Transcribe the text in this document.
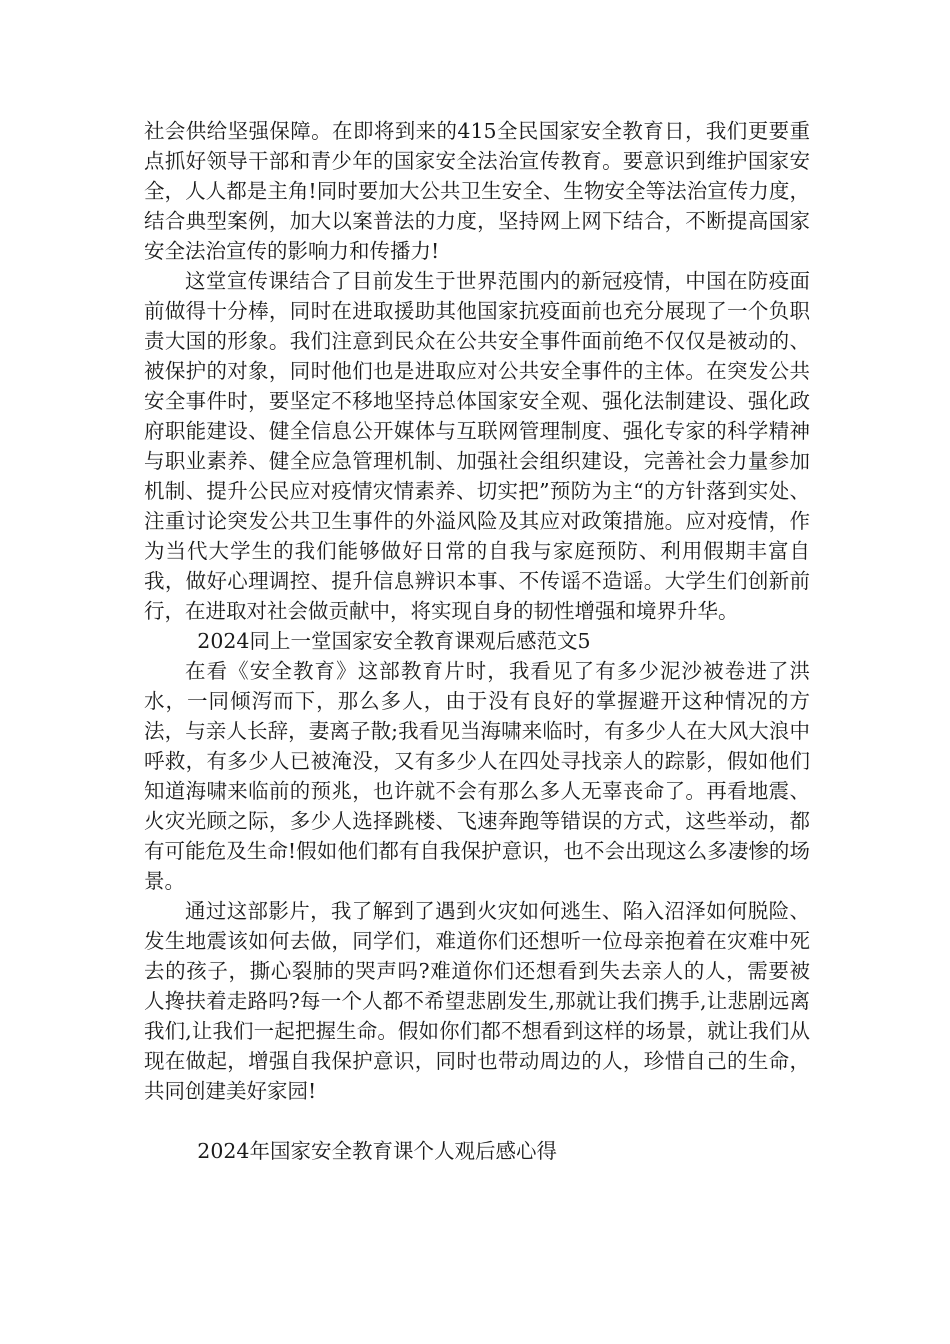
社会供给坚强保障。在即将到来的415全民国家安全教育日，我们更要重点抓好领导干部和青少年的国家安全法治宣传教育。要意识到维护国家安全，人人都是主角!同时要加大公共卫生安全、生物安全等法治宣传力度，结合典型案例，加大以案普法的力度，坚持网上网下结合，不断提高国家安全法治宣传的影响力和传播力!

这堂宣传课结合了目前发生于世界范围内的新冠疫情，中国在防疫面前做得十分棒，同时在进取援助其他国家抗疫面前也充分展现了一个负职责大国的形象。我们注意到民众在公共安全事件面前绝不仅仅是被动的、被保护的对象，同时他们也是进取应对公共安全事件的主体。在突发公共安全事件时，要坚定不移地坚持总体国家安全观、强化法制建设、强化政府职能建设、健全信息公开媒体与互联网管理制度、强化专家的科学精神与职业素养、健全应急管理机制、加强社会组织建设，完善社会力量参加机制、提升公民应对疫情灾情素养、切实把”预防为主“的方针落到实处、注重讨论突发公共卫生事件的外溢风险及其应对政策措施。应对疫情，作为当代大学生的我们能够做好日常的自我与家庭预防、利用假期丰富自我，做好心理调控、提升信息辨识本事、不传谣不造谣。大学生们创新前行，在进取对社会做贡献中，将实现自身的韧性增强和境界升华。

2024同上一堂国家安全教育课观后感范文5

在看《安全教育》这部教育片时，我看见了有多少泥沙被卷进了洪水，一同倾泻而下，那么多人，由于没有良好的掌握避开这种情况的方法，与亲人长辞，妻离子散;我看见当海啸来临时，有多少人在大风大浪中呼救，有多少人已被淹没，又有多少人在四处寻找亲人的踪影，假如他们知道海啸来临前的预兆，也许就不会有那么多人无辜丧命了。再看地震、火灾光顾之际，多少人选择跳楼、飞速奔跑等错误的方式，这些举动，都有可能危及生命!假如他们都有自我保护意识，也不会出现这么多凄惨的场景。

通过这部影片，我了解到了遇到火灾如何逃生、陷入沼泽如何脱险、发生地震该如何去做，同学们，难道你们还想听一位母亲抱着在灾难中死去的孩子，撕心裂肺的哭声吗?难道你们还想看到失去亲人的人，需要被人搀扶着走路吗?每一个人都不希望悲剧发生,那就让我们携手,让悲剧远离我们,让我们一起把握生命。假如你们都不想看到这样的场景，就让我们从现在做起，增强自我保护意识，同时也带动周边的人，珍惜自己的生命，共同创建美好家园!

2024年国家安全教育课个人观后感心得
